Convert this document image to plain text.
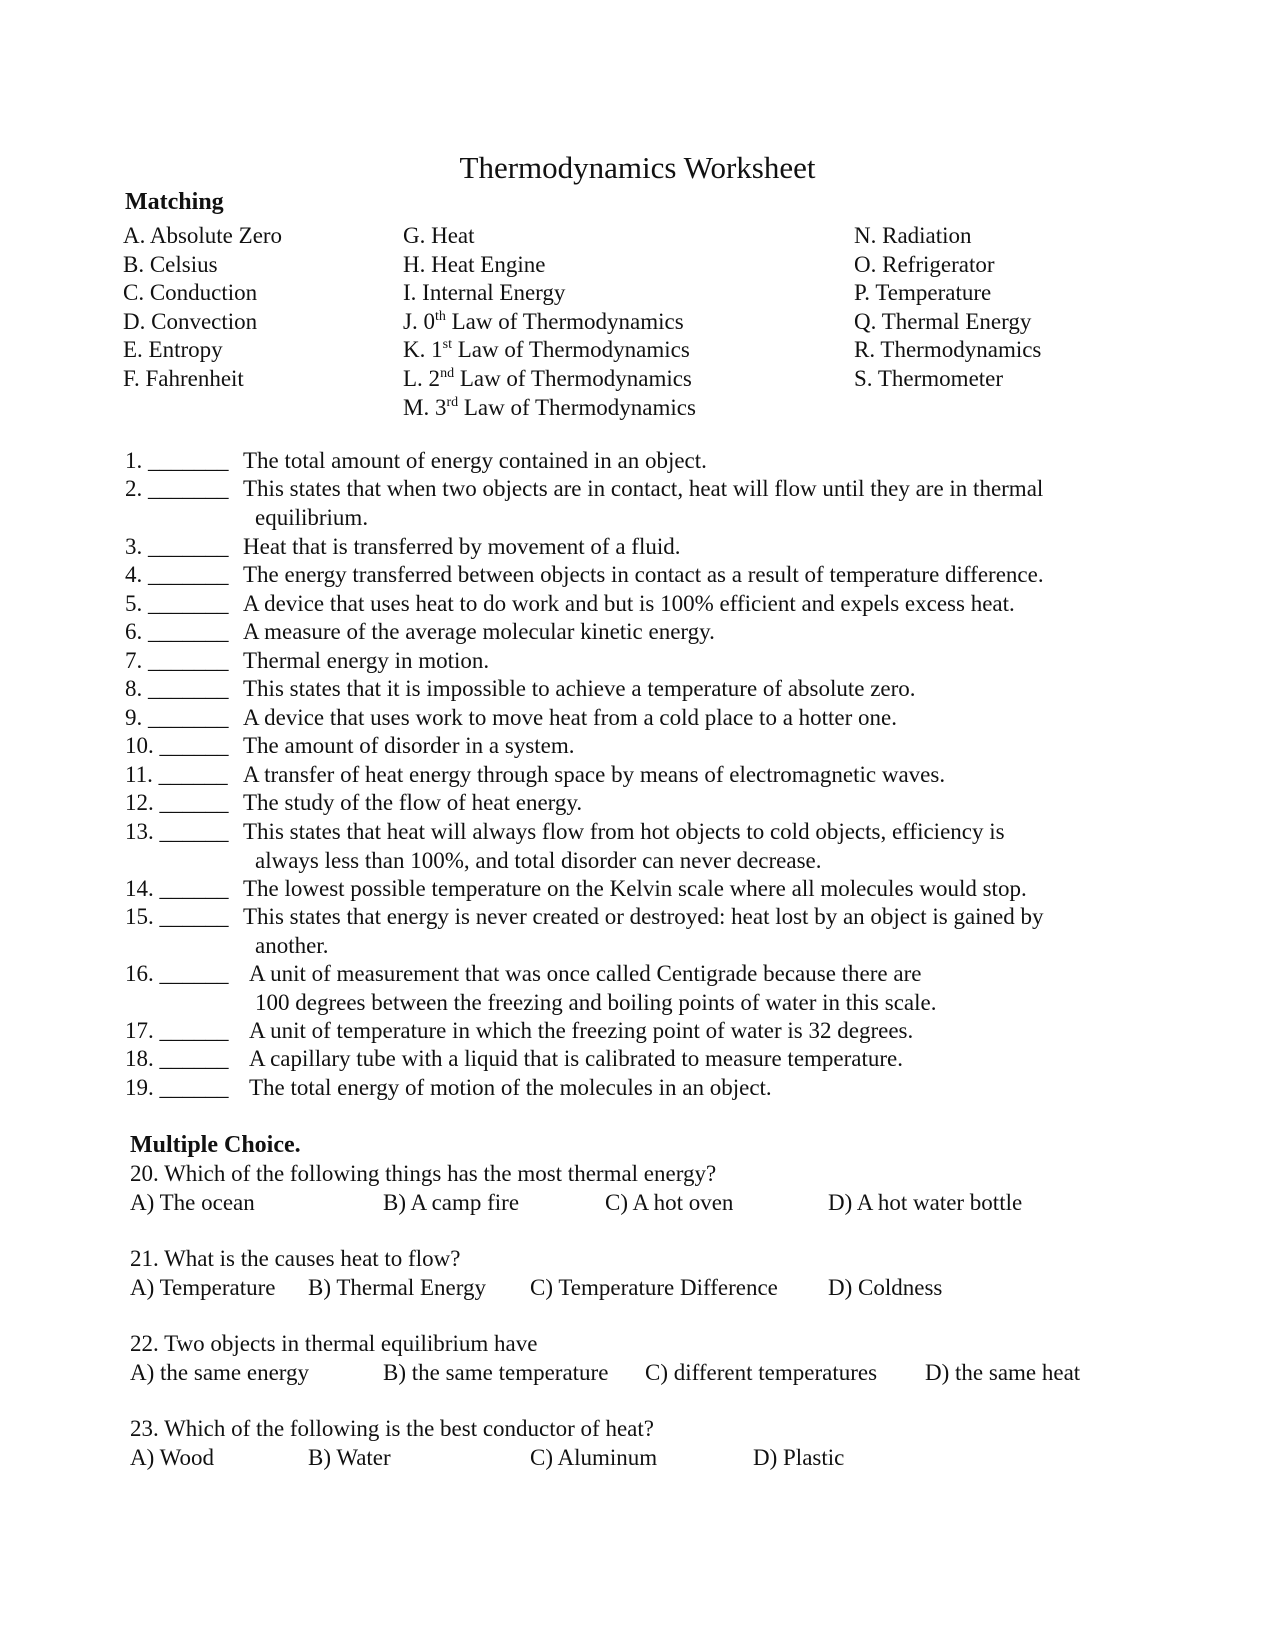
Thermodynamics Worksheet
Matching
A. Absolute Zero
B. Celsius
C. Conduction
D. Convection
E. Entropy
F. Fahrenheit
G. Heat
H. Heat Engine
I. Internal Energy
J. 0th Law of Thermodynamics
K. 1st Law of Thermodynamics
L. 2nd Law of Thermodynamics
M. 3rd Law of Thermodynamics
N. Radiation
O. Refrigerator
P. Temperature
Q. Thermal Energy
R. Thermodynamics
S. Thermometer
1. _______ The total amount of energy contained in an object.
2. _______ This states that when two objects are in contact, heat will flow until they are in thermal
equilibrium.
3. _______ Heat that is transferred by movement of a fluid.
4. _______ The energy transferred between objects in contact as a result of temperature difference.
5. _______ A device that uses heat to do work and but is 100% efficient and expels excess heat.
6. _______ A measure of the average molecular kinetic energy.
7. _______ Thermal energy in motion.
8. _______ This states that it is impossible to achieve a temperature of absolute zero.
9. _______ A device that uses work to move heat from a cold place to a hotter one.
10. ______ The amount of disorder in a system.
11. ______ A transfer of heat energy through space by means of electromagnetic waves.
12. ______ The study of the flow of heat energy.
13. ______ This states that heat will always flow from hot objects to cold objects, efficiency is
always less than 100%, and total disorder can never decrease.
14. ______ The lowest possible temperature on the Kelvin scale where all molecules would stop.
15. ______ This states that energy is never created or destroyed: heat lost by an object is gained by
another.
16. ______ A unit of measurement that was once called Centigrade because there are
100 degrees between the freezing and boiling points of water in this scale.
17. ______ A unit of temperature in which the freezing point of water is 32 degrees.
18. ______ A capillary tube with a liquid that is calibrated to measure temperature.
19. ______ The total energy of motion of the molecules in an object.
Multiple Choice.
20. Which of the following things has the most thermal energy?
A) The ocean	B) A camp fire	C) A hot oven	D) A hot water bottle
21. What is the causes heat to flow?
A) Temperature B) Thermal Energy C) Temperature Difference D) Coldness
22. Two objects in thermal equilibrium have
A) the same energy	B) the same temperature C) different temperatures D) the same heat
23. Which of the following is the best conductor of heat?
A) Wood	B) Water	C) Aluminum	D) Plastic
